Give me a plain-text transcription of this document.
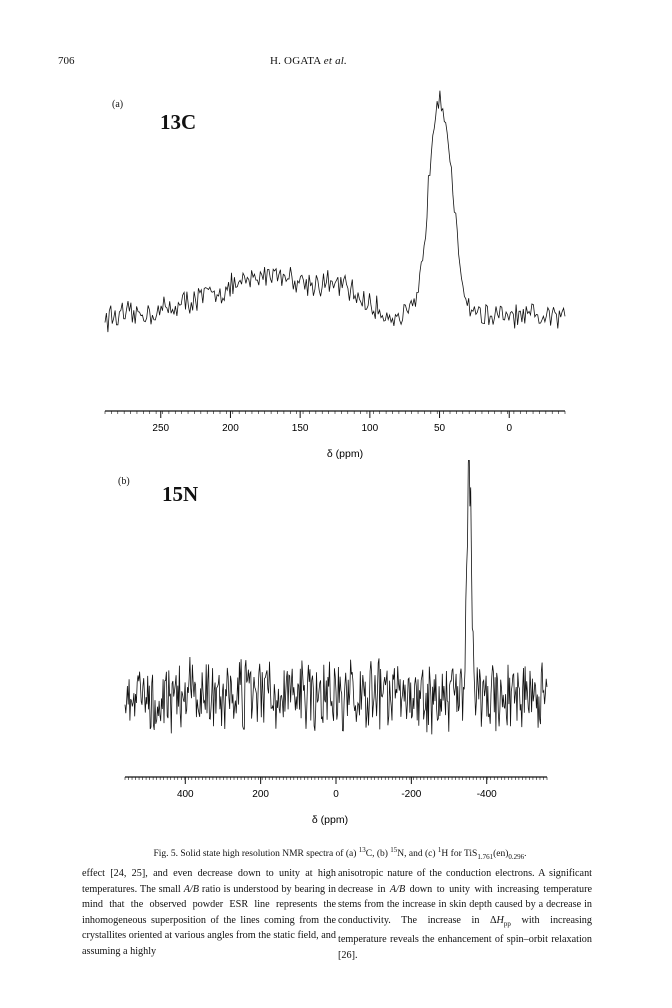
706	H. OGATA et al.
(a)
13C
250	200	150	100	50	0
δ (ppm)
(b)
15N
400	200	0	-200	-400
δ (ppm)
Fig. 5. Solid state high resolution NMR spectra of (a) $^{13}$C, (b) $^{15}$N, and (c) $^1$H for $TiS_{1.761}(en)_{0.296}$.
effect [24, 25], and even decrease down to unity at high temperatures. The small A/B ratio is understood by bearing in mind that the observed powder ESR line represents the inhomogeneous superposition of the lines coming from the crystallites oriented at various angles from the static field, and assuming a highly
anisotropic nature of the conduction electrons. A significant decrease in A/B down to unity with increasing temperature stems from the increase in skin depth caused by a decrease in conductivity. The increase in $\Delta H_{pp}$ with increasing temperature reveals the enhancement of spin–orbit relaxation [26].
